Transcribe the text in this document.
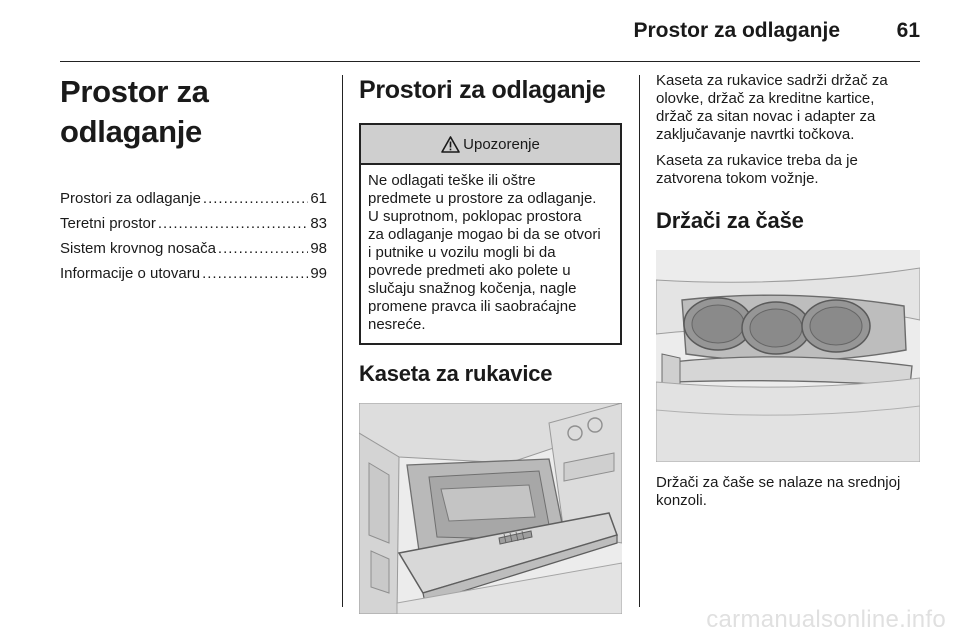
Prostor za odlaganje	61
Prostor za odlaganje
Prostori za odlaganje .....	61
Teretni prostor .....	83
Sistem krovnog nosača .....	98
Informacije o utovaru .....	99
Prostori za odlaganje
Upozorenje
Ne odlagati teške ili oštre
predmete u prostore za odlaganje.
U suprotnom, poklopac prostora
za odlaganje mogao bi da se otvori
i putnike u vozilu mogli bi da
povrede predmeti ako polete u
slučaju snažnog kočenja, nagle
promene pravca ili saobraćajne
nesreće.
Kaseta za rukavice

Kaseta za rukavice sadrži držač za
olovke, držač za kreditne kartice,
držač za sitan novac i adapter za
zaključavanje navrtki točkova.

Kaseta za rukavice treba da je
zatvorena tokom vožnje.

Držači za čaše

Držači za čaše se nalaze na srednjoj
konzoli.

carmanualsonline.info
